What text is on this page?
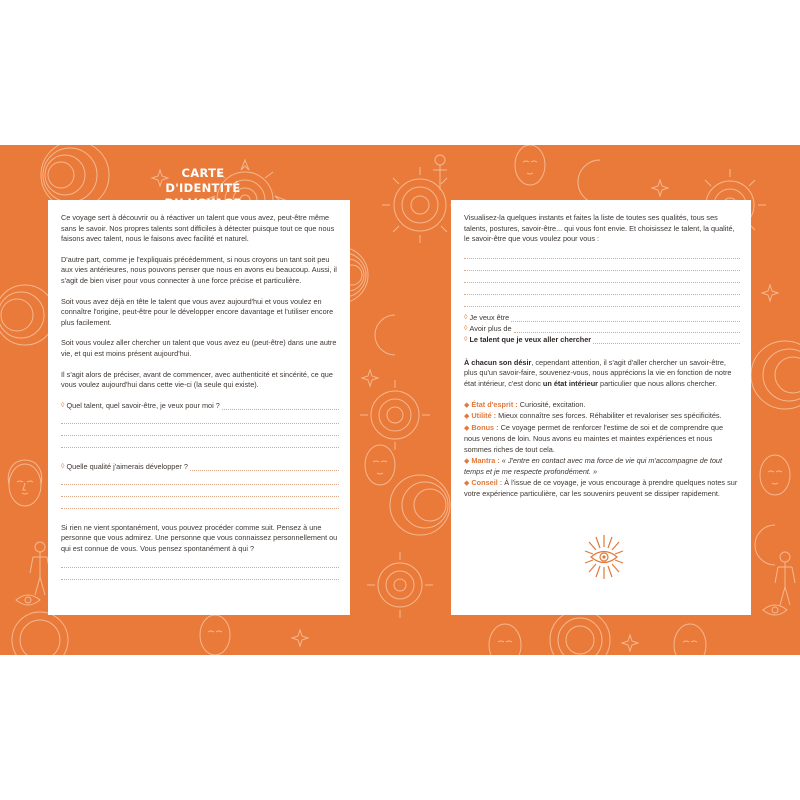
CARTE D'IDENTITÉ

Ce voyage sert à découvrir ou à réactiver un talent que vous avez, peut-être même sans le savoir. Nos propres talents sont difficiles à détecter puisque tout ce que nous faisons avec talent, nous le faisons avec facilité et naturel.

D'autre part, comme je l'expliquais précédemment, si nous croyons un tant soit peu aux vies antérieures, nous pouvons penser que nous en avons eu beaucoup. Aussi, il s'agit de bien viser pour vous connecter à une force précise et particulière.

Soit vous avez déjà en tête le talent que vous avez aujourd'hui et vous voulez en connaître l'origine, peut-être pour le développer encore davantage et l'utiliser encore plus facilement.

Soit vous voulez aller chercher un talent que vous avez eu (peut-être) dans une autre vie, et qui est moins présent aujourd'hui.

Il s'agit alors de préciser, avant de commencer, avec authenticité et sincérité, ce que vous voulez aujourd'hui dans cette vie-ci (la seule qui existe).

◊ Quel talent, quel savoir-être, je veux pour moi ?
◊ Quelle qualité j'aimerais développer ?

Si rien ne vient spontanément, vous pouvez procéder comme suit. Pensez à une personne que vous admirez. Une personne que vous connaissez personnellement ou qui est connue de vous. Vous pensez spontanément à qui ?

Visualisez-la quelques instants et faites la liste de toutes ses qualités, tous ses talents, postures, savoir-être... qui vous font envie. Et choisissez le talent, la qualité, le savoir-être que vous voulez pour vous :

◊ Je veux être
◊ Avoir plus de
◊ Le talent que je veux aller chercher

À chacun son désir, cependant attention, il s'agit d'aller chercher un savoir-être, plus qu'un savoir-faire, souvenez-vous, nous apprécions la vie en fonction de notre état intérieur, c'est donc un état intérieur particulier que nous allons chercher.

◆ État d'esprit : Curiosité, excitation.
◆ Utilité : Mieux connaître ses forces. Réhabiliter et revaloriser ses spécificités.
◆ Bonus : Ce voyage permet de renforcer l'estime de soi et de comprendre que nous venons de loin. Nous avons eu maintes et maintes expériences et nous sommes riches de tout cela.
◆ Mantra : « J'entre en contact avec ma force de vie qui m'accompagne de tout temps et je me respecte profondément. »
◆ Conseil : À l'issue de ce voyage, je vous encourage à prendre quelques notes sur votre expérience particulière, car les souvenirs peuvent se dissiper rapidement.
